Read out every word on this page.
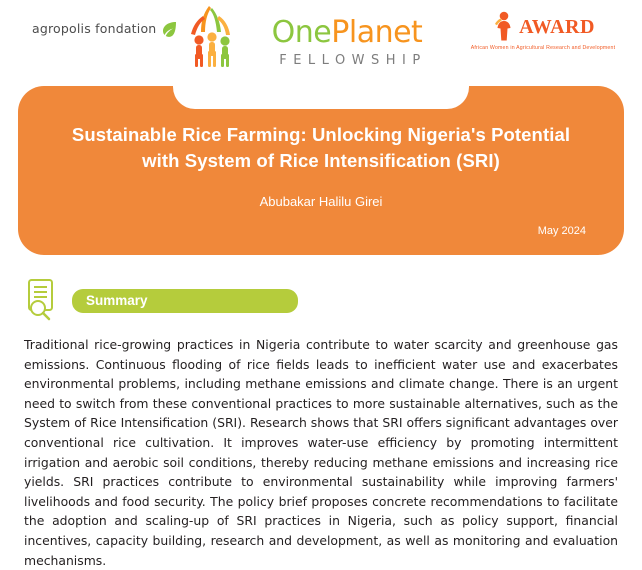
agropolis fondation	OnePlanet
FELLOWSHIP
AWARD
African Women in Agricultural Research and Development
Sustainable Rice Farming: Unlocking Nigeria's Potential with System of Rice Intensification (SRI)
Abubakar Halilu Girei
May 2024
Summary
Traditional rice-growing practices in Nigeria contribute to water scarcity and greenhouse gas emissions. Continuous flooding of rice fields leads to inefficient water use and exacerbates environmental problems, including methane emissions and climate change. There is an urgent need to switch from these conventional practices to more sustainable alternatives, such as the System of Rice Intensification (SRI). Research shows that SRI offers significant advantages over conventional rice cultivation. It improves water-use efficiency by promoting intermittent irrigation and aerobic soil conditions, thereby reducing methane emissions and increasing rice yields. SRI practices contribute to environmental sustainability while improving farmers' livelihoods and food security. The policy brief proposes concrete recommendations to facilitate the adoption and scaling-up of SRI practices in Nigeria, such as policy support, financial incentives, capacity building, research and development, as well as monitoring and evaluation mechanisms.
